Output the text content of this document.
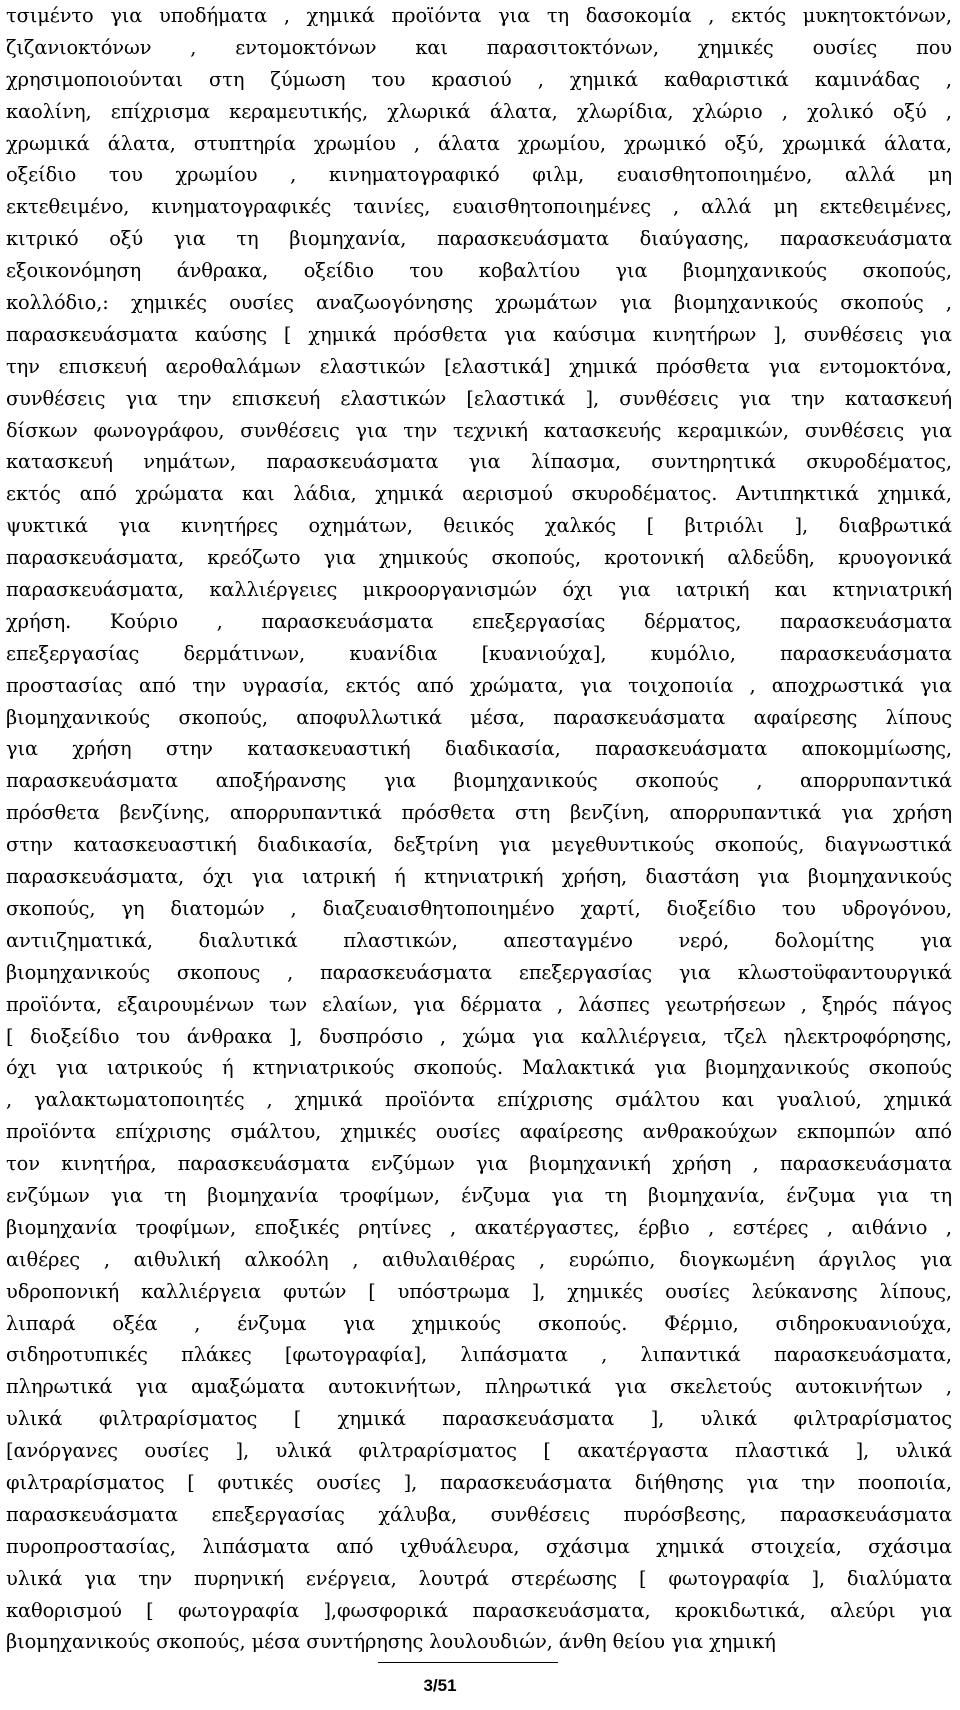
τσιμέντο για υποδήματα , χημικά προϊόντα για τη δασοκομία , εκτός μυκητοκτόνων,
ζιζανιοκτόνων , εντομοκτόνων και παρασιτοκτόνων, χημικές ουσίες που
χρησιμοποιούνται στη ζύμωση του κρασιού , χημικά καθαριστικά καμινάδας ,
καολίνη, επίχρισμα κεραμευτικής, χλωρικά άλατα, χλωρίδια, χλώριο , χολικό οξύ ,
χρωμικά άλατα, στυπτηρία χρωμίου , άλατα χρωμίου, χρωμικό οξύ, χρωμικά άλατα,
οξείδιο του χρωμίου , κινηματογραφικό φιλμ, ευαισθητοποιημένο, αλλά μη
εκτεθειμένο, κινηματογραφικές ταινίες, ευαισθητοποιημένες , αλλά μη εκτεθειμένες,
κιτρικό οξύ για τη βιομηχανία, παρασκευάσματα διαύγασης, παρασκευάσματα
εξοικονόμηση άνθρακα, οξείδιο του κοβαλτίου για βιομηχανικούς σκοπούς,
κολλόδιο,: χημικές ουσίες αναζωογόνησης χρωμάτων για βιομηχανικούς σκοπούς ,
παρασκευάσματα καύσης [ χημικά πρόσθετα για καύσιμα κινητήρων ], συνθέσεις για
την επισκευή αεροθαλάμων ελαστικών [ελαστικά] χημικά πρόσθετα για εντομοκτόνα,
συνθέσεις για την επισκευή ελαστικών [ελαστικά ], συνθέσεις για την κατασκευή
δίσκων φωνογράφου, συνθέσεις για την τεχνική κατασκευής κεραμικών, συνθέσεις για
κατασκευή νημάτων, παρασκευάσματα για λίπασμα, συντηρητικά σκυροδέματος,
εκτός από χρώματα και λάδια, χημικά αερισμού σκυροδέματος. Αντιπηκτικά χημικά,
ψυκτικά για κινητήρες οχημάτων, θειικός χαλκός [ βιτριόλι ], διαβρωτικά
παρασκευάσματα, κρεόζωτο για χημικούς σκοπούς, κροτονική αλδεΰδη, κρυογονικά
παρασκευάσματα, καλλιέργειες μικροοργανισμών όχι για ιατρική και κτηνιατρική
χρήση. Κούριο , παρασκευάσματα επεξεργασίας δέρματος, παρασκευάσματα
επεξεργασίας δερμάτινων, κυανίδια [κυανιούχα], κυμόλιο, παρασκευάσματα
προστασίας από την υγρασία, εκτός από χρώματα, για τοιχοποιία , αποχρωστικά για
βιομηχανικούς σκοπούς, αποφυλλωτικά μέσα, παρασκευάσματα αφαίρεσης λίπους
για χρήση στην κατασκευαστική διαδικασία, παρασκευάσματα αποκομμίωσης,
παρασκευάσματα αποξήρανσης για βιομηχανικούς σκοπούς , απορρυπαντικά
πρόσθετα βενζίνης, απορρυπαντικά πρόσθετα στη βενζίνη, απορρυπαντικά για χρήση
στην κατασκευαστική διαδικασία, δεξτρίνη για μεγεθυντικούς σκοπούς, διαγνωστικά
παρασκευάσματα, όχι για ιατρική ή κτηνιατρική χρήση, διαστάση για βιομηχανικούς
σκοπούς, γη διατομών , διαζευαισθητοποιημένο χαρτί, διοξείδιο του υδρογόνου,
αντιιζηματικά, διαλυτικά πλαστικών, απεσταγμένο νερό, δολομίτης για
βιομηχανικούς σκοπους , παρασκευάσματα επεξεργασίας για κλωστοϋφαντουργικά
προϊόντα, εξαιρουμένων των ελαίων, για δέρματα , λάσπες γεωτρήσεων , ξηρός πάγος
[ διοξείδιο του άνθρακα ], δυσπρόσιο , χώμα για καλλιέργεια, τζελ ηλεκτροφόρησης,
όχι για ιατρικούς ή κτηνιατρικούς σκοπούς. Μαλακτικά για βιομηχανικούς σκοπούς
, γαλακτωματοποιητές , χημικά προϊόντα επίχρισης σμάλτου και γυαλιού, χημικά
προϊόντα επίχρισης σμάλτου, χημικές ουσίες αφαίρεσης ανθρακούχων εκπομπών από
τον κινητήρα, παρασκευάσματα ενζύμων για βιομηχανική χρήση , παρασκευάσματα
ενζύμων για τη βιομηχανία τροφίμων, ένζυμα για τη βιομηχανία, ένζυμα για τη
βιομηχανία τροφίμων, εποξικές ρητίνες , ακατέργαστες, έρβιο , εστέρες , αιθάνιο ,
αιθέρες , αιθυλική αλκοόλη , αιθυλαιθέρας , ευρώπιο, διογκωμένη άργιλος για
υδροπονική καλλιέργεια φυτών [ υπόστρωμα ], χημικές ουσίες λεύκανσης λίπους,
λιπαρά οξέα , ένζυμα για χημικούς σκοπούς. Φέρμιο, σιδηροκυανιούχα,
σιδηροτυπικές πλάκες [φωτογραφία], λιπάσματα , λιπαντικά παρασκευάσματα,
πληρωτικά για αμαξώματα αυτοκινήτων, πληρωτικά για σκελετούς αυτοκινήτων ,
υλικά φιλτραρίσματος [ χημικά παρασκευάσματα ], υλικά φιλτραρίσματος
[ανόργανες ουσίες ], υλικά φιλτραρίσματος [ ακατέργαστα πλαστικά ], υλικά
φιλτραρίσματος [ φυτικές ουσίες ], παρασκευάσματα διήθησης για την ποοποιία,
παρασκευάσματα επεξεργασίας χάλυβα, συνθέσεις πυρόσβεσης, παρασκευάσματα
πυροπροστασίας, λιπάσματα από ιχθυάλευρα, σχάσιμα χημικά στοιχεία, σχάσιμα
υλικά για την πυρηνική ενέργεια, λουτρά στερέωσης [ φωτογραφία ], διαλύματα
καθορισμού [ φωτογραφία ],φωσφορικά παρασκευάσματα, κροκιδωτικά, αλεύρι για
βιομηχανικούς σκοπούς, μέσα συντήρησης λουλουδιών, άνθη θείου για χημική
3/51
